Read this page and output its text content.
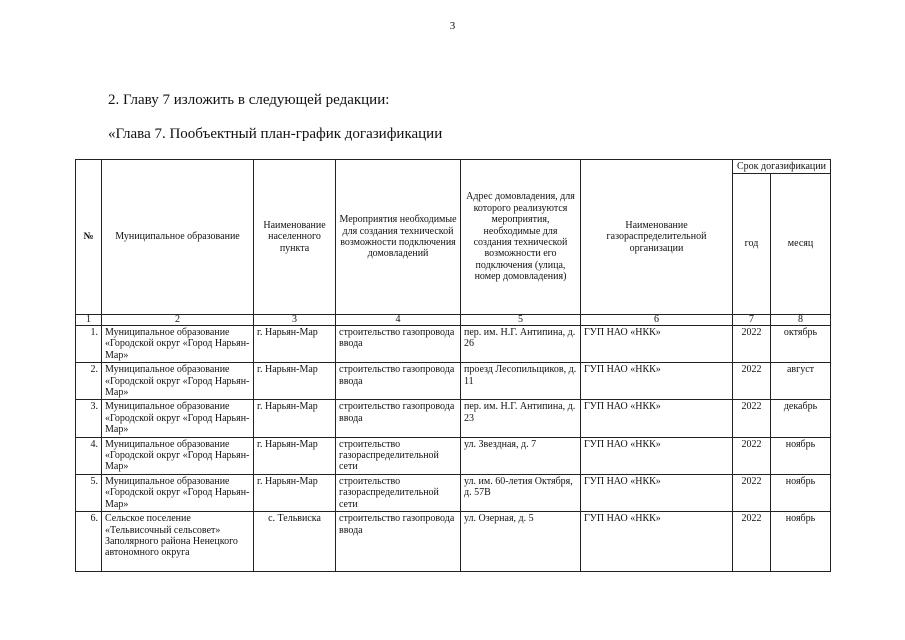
3
2. Главу 7 изложить в следующей редакции:
«Глава 7. Пообъектный план-график догазификации
№	Муниципальное образование	Наименование населенного пункта	Мероприятия необходимые для создания технической возможности подключения домовладений	Адрес домовладения, для которого реализуются мероприятия, необходимые для создания технической возможности его подключения (улица, номер домовладения)	Наименование газораспределительной организации	Срок догазификации	
						год	месяц
1	2	3	4	5	6	7	8
1.	Муниципальное образование «Городской округ «Город Нарьян-Мар»	г. Нарьян-Мар	строительство газопровода ввода	пер. им. Н.Г. Антипина, д. 26	ГУП НАО «НКК»	2022	октябрь
2.	Муниципальное образование «Городской округ «Город Нарьян-Мар»	г. Нарьян-Мар	строительство газопровода ввода	проезд Лесопильщиков, д. 11	ГУП НАО «НКК»	2022	август
3.	Муниципальное образование «Городской округ «Город Нарьян-Мар»	г. Нарьян-Мар	строительство газопровода ввода	пер. им. Н.Г. Антипина, д. 23	ГУП НАО «НКК»	2022	декабрь
4.	Муниципальное образование «Городской округ «Город Нарьян-Мар»	г. Нарьян-Мар	строительство газораспределительной сети	ул. Звездная, д. 7	ГУП НАО «НКК»	2022	ноябрь
5.	Муниципальное образование «Городской округ «Город Нарьян-Мар»	г. Нарьян-Мар	строительство газораспределительной сети	ул. им. 60-летия Октября, д. 57В	ГУП НАО «НКК»	2022	ноябрь
6.	Сельское поселение «Тельвисочный сельсовет» Заполярного района Ненецкого автономного округа	с. Тельвиска	строительство газопровода ввода	ул. Озерная, д. 5	ГУП НАО «НКК»	2022	ноябрь
